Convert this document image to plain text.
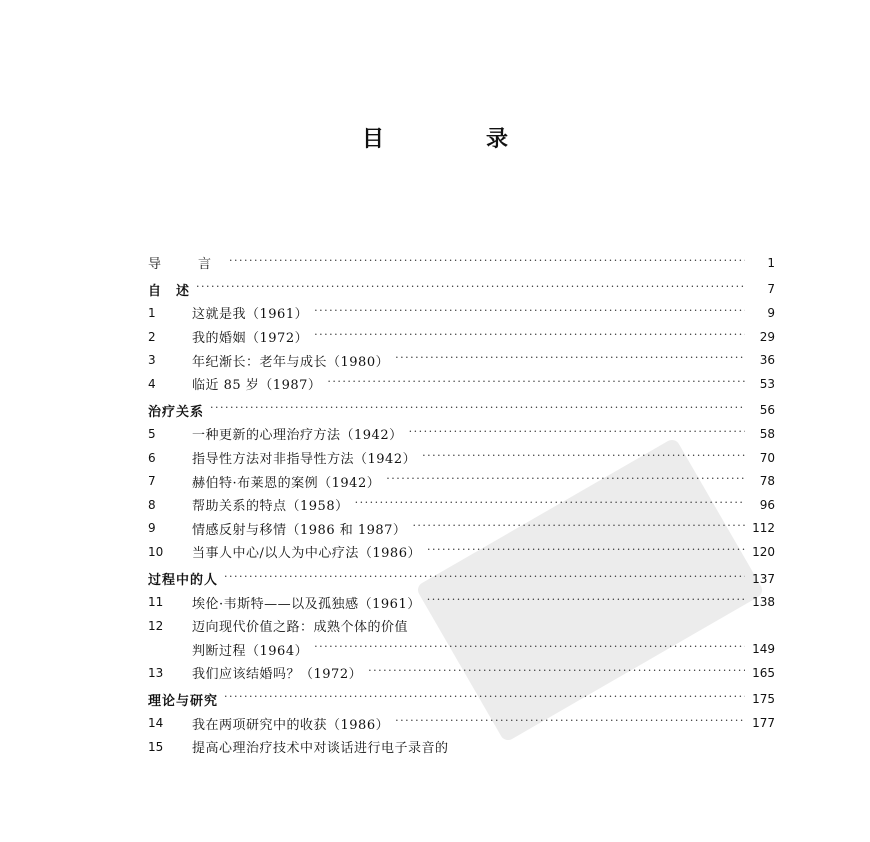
目　录
导　言 ·····	1
自　述 ·····	7
1	这就是我（1961） ·····	9
2	我的婚姻（1972） ·····	29
3	年纪渐长：老年与成长（1980） ·····	36
4	临近 85 岁（1987） ·····	53
治疗关系 ·····	56
5	一种更新的心理治疗方法（1942） ·····	58
6	指导性方法对非指导性方法（1942） ·····	70
7	赫伯特·布莱恩的案例（1942） ·····	78
8	帮助关系的特点（1958） ·····	96
9	情感反射与移情（1986 和 1987） ·····	112
10	当事人中心/以人为中心疗法（1986） ·····	120
过程中的人 ·····	137
11	埃伦·韦斯特——以及孤独感（1961） ·····	138
12	迈向现代价值之路：成熟个体的价值
判断过程（1964） ·····	149
13	我们应该结婚吗？（1972） ·····	165
理论与研究 ·····	175
14	我在两项研究中的收获（1986） ·····	177
15	提高心理治疗技术中对谈话进行电子录音的
